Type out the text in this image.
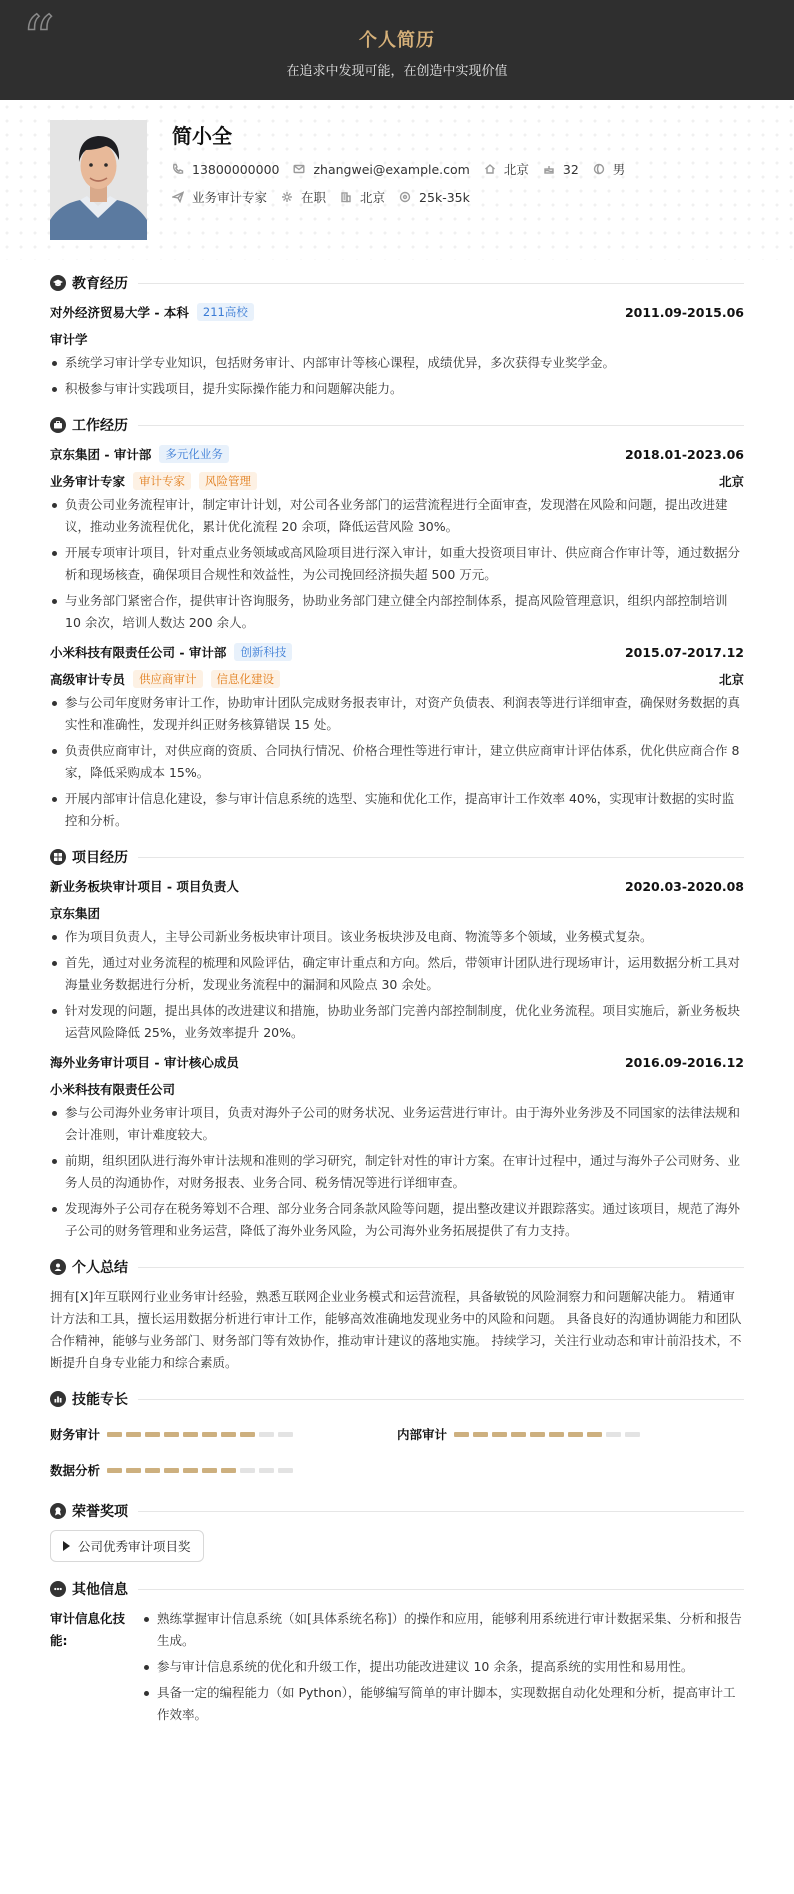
“	个人简历
在追求中发现可能，在创造中实现价值
简小全
13800000000	zhangwei@example.com	北京	32	男
业务审计专家	在职	北京	25k-35k
教育经历
对外经济贸易大学 - 本科	211高校	2011.09-2015.06
审计学
系统学习审计学专业知识，包括财务审计、内部审计等核心课程，成绩优异，多次获得专业奖学金。
积极参与审计实践项目，提升实际操作能力和问题解决能力。
工作经历
京东集团 - 审计部	多元化业务	2018.01-2023.06
业务审计专家	审计专家	风险管理	北京
负责公司业务流程审计，制定审计计划，对公司各业务部门的运营流程进行全面审查，发现潜在风险和问题，提出改进建议，推动业务流程优化，累计优化流程 20 余项，降低运营风险 30%。
开展专项审计项目，针对重点业务领域或高风险项目进行深入审计，如重大投资项目审计、供应商合作审计等，通过数据分析和现场核查，确保项目合规性和效益性，为公司挽回经济损失超 500 万元。
与业务部门紧密合作，提供审计咨询服务，协助业务部门建立健全内部控制体系，提高风险管理意识，组织内部控制培训 10 余次，培训人数达 200 余人。
小米科技有限责任公司 - 审计部	创新科技	2015.07-2017.12
高级审计专员	供应商审计	信息化建设	北京
参与公司年度财务审计工作，协助审计团队完成财务报表审计，对资产负债表、利润表等进行详细审查，确保财务数据的真实性和准确性，发现并纠正财务核算错误 15 处。
负责供应商审计，对供应商的资质、合同执行情况、价格合理性等进行审计，建立供应商审计评估体系，优化供应商合作 8 家，降低采购成本 15%。
开展内部审计信息化建设，参与审计信息系统的选型、实施和优化工作，提高审计工作效率 40%，实现审计数据的实时监控和分析。
项目经历
新业务板块审计项目 - 项目负责人	2020.03-2020.08
京东集团
作为项目负责人，主导公司新业务板块审计项目。该业务板块涉及电商、物流等多个领域，业务模式复杂。
首先，通过对业务流程的梳理和风险评估，确定审计重点和方向。然后，带领审计团队进行现场审计，运用数据分析工具对海量业务数据进行分析，发现业务流程中的漏洞和风险点 30 余处。
针对发现的问题，提出具体的改进建议和措施，协助业务部门完善内部控制制度，优化业务流程。项目实施后，新业务板块运营风险降低 25%，业务效率提升 20%。
海外业务审计项目 - 审计核心成员	2016.09-2016.12
小米科技有限责任公司
参与公司海外业务审计项目，负责对海外子公司的财务状况、业务运营进行审计。由于海外业务涉及不同国家的法律法规和会计准则，审计难度较大。
前期，组织团队进行海外审计法规和准则的学习研究，制定针对性的审计方案。在审计过程中，通过与海外子公司财务、业务人员的沟通协作，对财务报表、业务合同、税务情况等进行详细审查。
发现海外子公司存在税务筹划不合理、部分业务合同条款风险等问题，提出整改建议并跟踪落实。通过该项目，规范了海外子公司的财务管理和业务运营，降低了海外业务风险，为公司海外业务拓展提供了有力支持。
个人总结
拥有[X]年互联网行业业务审计经验，熟悉互联网企业业务模式和运营流程，具备敏锐的风险洞察力和问题解决能力。 精通审计方法和工具，擅长运用数据分析进行审计工作，能够高效准确地发现业务中的风险和问题。 具备良好的沟通协调能力和团队合作精神，能够与业务部门、财务部门等有效协作，推动审计建议的落地实施。 持续学习，关注行业动态和审计前沿技术，不断提升自身专业能力和综合素质。
技能专长
财务审计	内部审计
数据分析
荣誉奖项
公司优秀审计项目奖
其他信息
审计信息化技能:
熟练掌握审计信息系统（如[具体系统名称]）的操作和应用，能够利用系统进行审计数据采集、分析和报告生成。
参与审计信息系统的优化和升级工作，提出功能改进建议 10 余条，提高系统的实用性和易用性。
具备一定的编程能力（如 Python），能够编写简单的审计脚本，实现数据自动化处理和分析，提高审计工作效率。
